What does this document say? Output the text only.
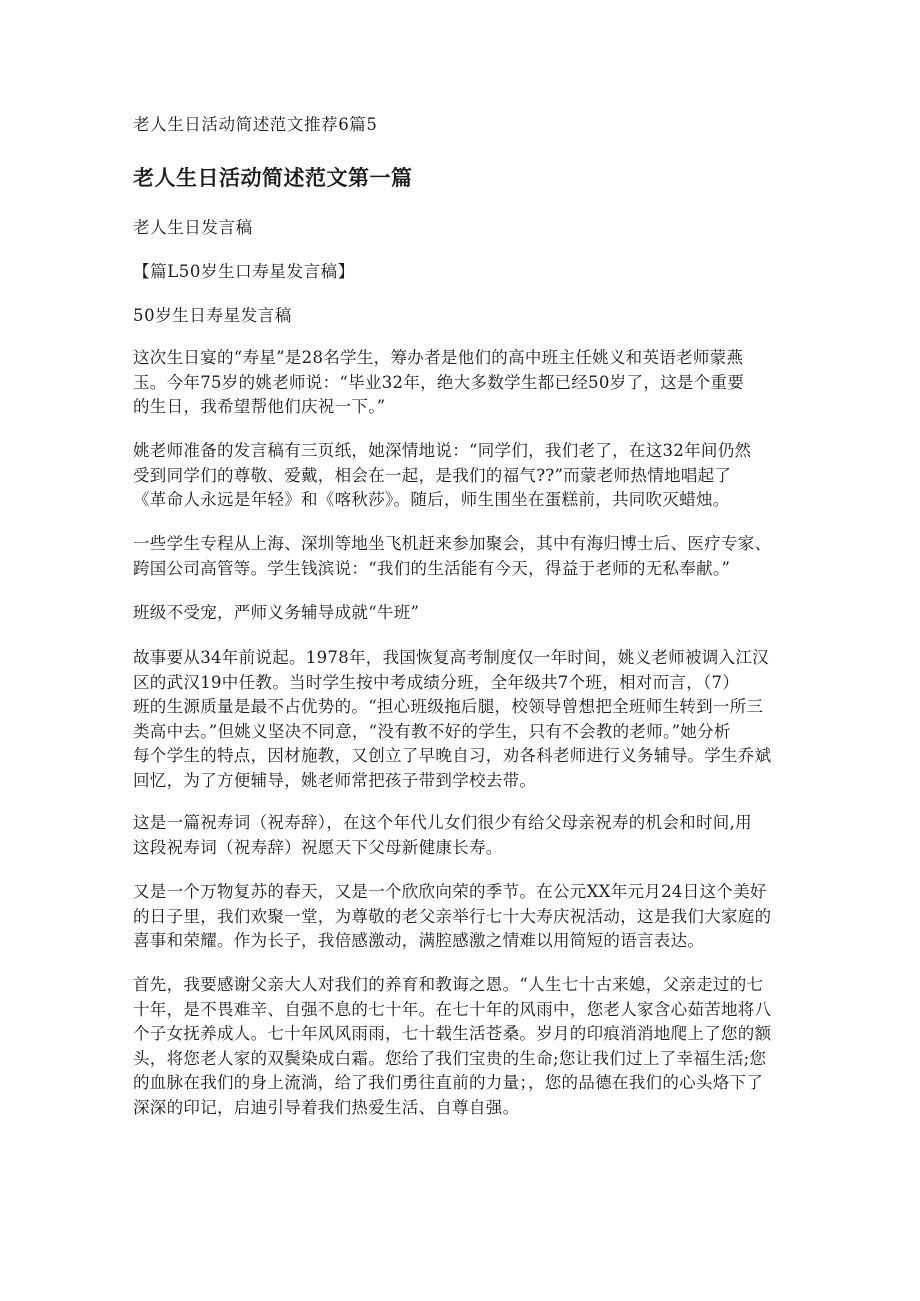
老人生日活动简述范文推荐6篇5
老人生日活动简述范文第一篇
老人生日发言稿
【篇L50岁生口寿星发言稿】
50岁生日寿星发言稿
这次生日宴的“寿星”是28名学生，筹办者是他们的高中班主任姚义和英语老师蒙燕
玉。今年75岁的姚老师说：“毕业32年，绝大多数学生都已经50岁了，这是个重要
的生日，我希望帮他们庆祝一下。”
姚老师准备的发言稿有三页纸，她深情地说：“同学们，我们老了，在这32年间仍然
受到同学们的尊敬、爱戴，相会在一起，是我们的福气??”而蒙老师热情地唱起了
《革命人永远是年轻》和《喀秋莎》。随后，师生围坐在蛋糕前，共同吹灭蜡烛。
一些学生专程从上海、深圳等地坐飞机赶来参加聚会，其中有海归博士后、医疗专家、
跨国公司高管等。学生钱滨说：“我们的生活能有今天，得益于老师的无私奉献。”
班级不受宠，严师义务辅导成就“牛班”
故事要从34年前说起。1978年，我国恢复高考制度仅一年时间，姚义老师被调入江汉
区的武汉19中任教。当时学生按中考成绩分班，全年级共7个班，相对而言，（7）
班的生源质量是最不占优势的。“担心班级拖后腿，校领导曾想把全班师生转到一所三
类高中去。”但姚义坚决不同意，“没有教不好的学生，只有不会教的老师。”她分析
每个学生的特点，因材施教，又创立了早晚自习，劝各科老师进行义务辅导。学生乔斌
回忆，为了方便辅导，姚老师常把孩子带到学校去带。
这是一篇祝寿词（祝寿辞），在这个年代儿女们很少有给父母亲祝寿的机会和时间,用
这段祝寿词（祝寿辞）祝愿天下父母新健康长寿。
又是一个万物复苏的春天，又是一个欣欣向荣的季节。在公元XX年元月24日这个美好
的日子里，我们欢聚一堂，为尊敬的老父亲举行七十大寿庆祝活动，这是我们大家庭的
喜事和荣耀。作为长子，我倍感激动，满腔感激之情难以用简短的语言表达。
首先，我要感谢父亲大人对我们的养育和教诲之恩。“人生七十古来媳，父亲走过的七
十年，是不畏难辛、自强不息的七十年。在七十年的风雨中，您老人家含心茹苦地将八
个子女抚养成人。七十年风风雨雨，七十载生活苍桑。岁月的印痕消消地爬上了您的额
头，将您老人家的双鬓染成白霜。您给了我们宝贵的生命;您让我们过上了幸福生活;您
的血脉在我们的身上流淌，给了我们勇往直前的力量；，您的品德在我们的心头烙下了
深深的印记，启迪引导着我们热爱生活、自尊自强。
